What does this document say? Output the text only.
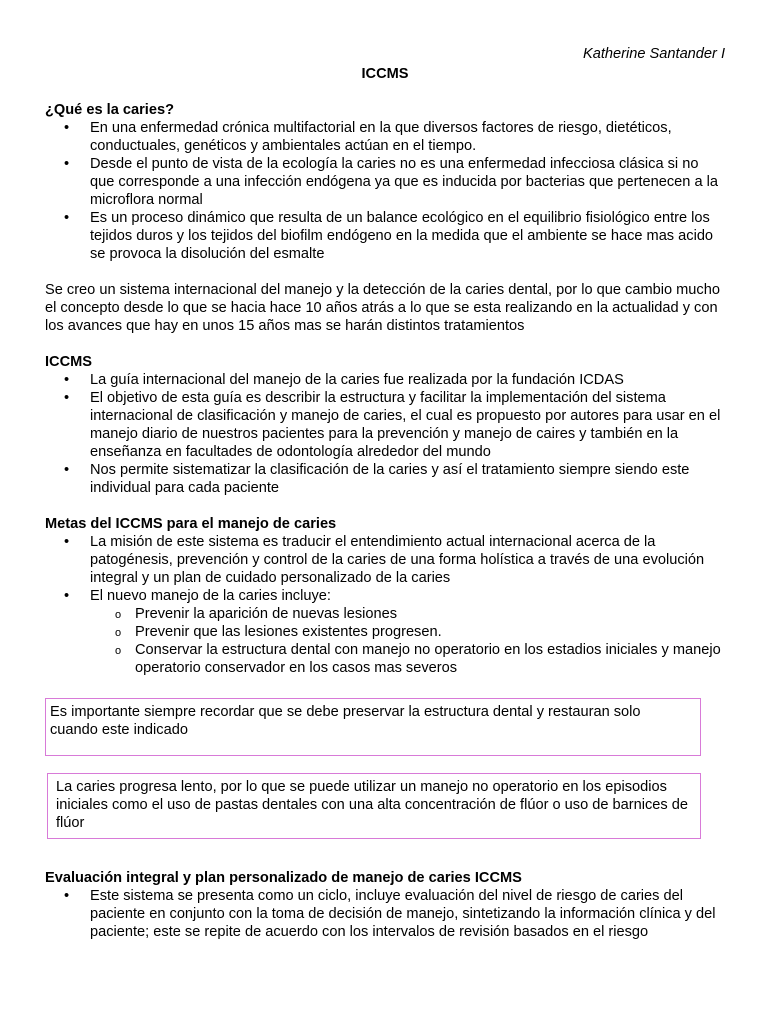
Katherine Santander I
ICCMS
¿Qué es la caries?
• En una enfermedad crónica multifactorial en la que diversos factores de riesgo, dietéticos, conductuales, genéticos y ambientales actúan en el tiempo.
• Desde el punto de vista de la ecología la caries no es una enfermedad infecciosa clásica si no que corresponde a una infección endógena ya que es inducida por bacterias que pertenecen a la microflora normal
• Es un proceso dinámico que resulta de un balance ecológico en el equilibrio fisiológico entre los tejidos duros y los tejidos del biofilm endógeno en la medida que el ambiente se hace mas acido se provoca la disolución del esmalte
Se creo un sistema internacional del manejo y la detección de la caries dental, por lo que cambio mucho el concepto desde lo que se hacia hace 10 años atrás a lo que se esta realizando en la actualidad y con los avances que hay en unos 15 años mas se harán distintos tratamientos
ICCMS
• La guía internacional del manejo de la caries fue realizada por la fundación ICDAS
• El objetivo de esta guía es describir la estructura y facilitar la implementación del sistema internacional de clasificación y manejo de caries, el cual es propuesto por autores para usar en el manejo diario de nuestros pacientes para la prevención y manejo de caires y también en la enseñanza en facultades de odontología alrededor del mundo
• Nos permite sistematizar la clasificación de la caries y así el tratamiento siempre siendo este individual para cada paciente
Metas del ICCMS para el manejo de caries
• La misión de este sistema es traducir el entendimiento actual internacional acerca de la patogénesis, prevención y control de la caries de una forma holística a través de una evolución integral y un plan de cuidado personalizado de la caries
• El nuevo manejo de la caries incluye:
o Prevenir la aparición de nuevas lesiones
o Prevenir que las lesiones existentes progresen.
o Conservar la estructura dental con manejo no operatorio en los estadios iniciales y manejo operatorio conservador en los casos mas severos
Es importante siempre recordar que se debe preservar la estructura dental y restauran solo cuando este indicado
La caries progresa lento, por lo que se puede utilizar un manejo no operatorio en los episodios iniciales como el uso de pastas dentales con una alta concentración de flúor o uso de barnices de flúor
Evaluación integral y plan personalizado de manejo de caries ICCMS
• Este sistema se presenta como un ciclo, incluye evaluación del nivel de riesgo de caries del paciente en conjunto con la toma de decisión de manejo, sintetizando la información clínica y del paciente; este se repite de acuerdo con los intervalos de revisión basados en el riesgo
